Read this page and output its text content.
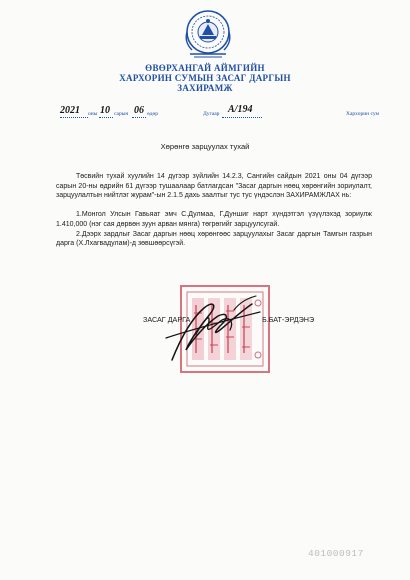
ӨВӨРХАНГАЙ АЙМГИЙН
ХАРХОРИН СУМЫН ЗАСАГ ДАРГЫН
ЗАХИРАМЖ
2021 оны 10 сарын 06 өдөр	Дугаар А/194	Хархорин сум
Хөрөнгө зарцуулах тухай

Төсвийн тухай хуулийн 14 дүгээр зүйлийн 14.2.3, Сангийн сайдын 2021 оны 04 дүгээр сарын 20-ны өдрийн 61 дүгээр тушаалаар батлагдсан "Засаг даргын нөөц хөрөнгийн зориулалт, зарцуулалтын нийтлэг журам"-ын 2.1.5 дахь заалтыг тус тус үндэслэн ЗАХИРАМЖЛАХ нь:

1.Монгол Улсын Гавьяат эмч С.Дулмаа, Г.Дуншиг нарт хүндэтгэл үзүүлэхэд зориулж 1.410,000 (нэг сая дөрвөн зуун арван мянга) төгрөгийг зарцуулсугай.

2.Дээрх зардлыг Засаг даргын нөөц хөрөнгөөс зарцуулахыг Засаг даргын Тамгын газрын дарга (Х.Лхагвадулам)-д зөвшөөрсүгэй.

ЗАСАГ ДАРГА	Б.БАТ-ЭРДЭНЭ
401000917
